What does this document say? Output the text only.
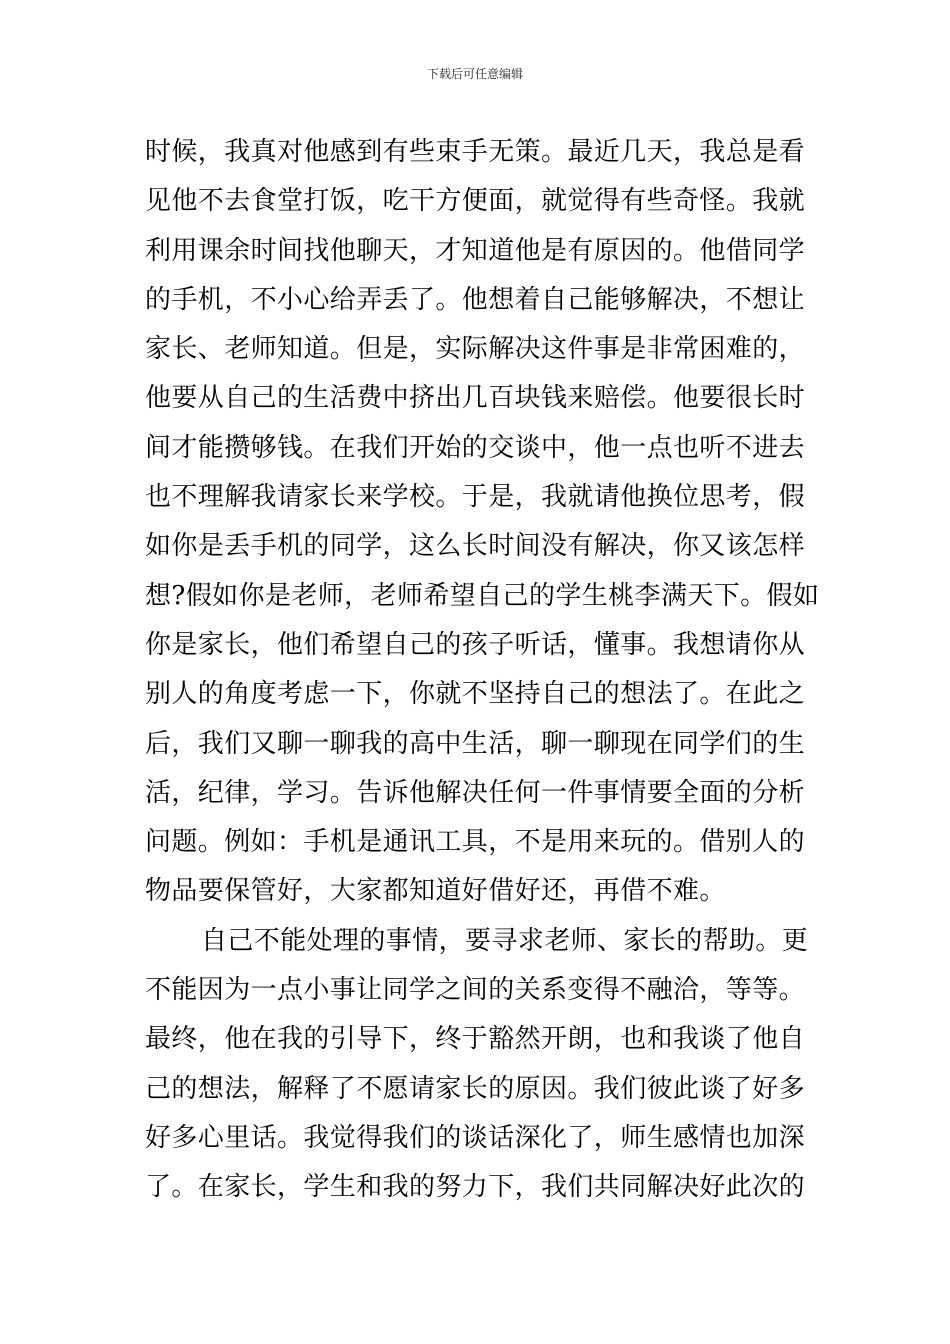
下载后可任意编辑
时候，我真对他感到有些束手无策。最近几天，我总是看
见他不去食堂打饭，吃干方便面，就觉得有些奇怪。我就
利用课余时间找他聊天，才知道他是有原因的。他借同学
的手机，不小心给弄丢了。他想着自己能够解决，不想让
家长、老师知道。但是，实际解决这件事是非常困难的，
他要从自己的生活费中挤出几百块钱来赔偿。他要很长时
间才能攒够钱。在我们开始的交谈中，他一点也听不进去
也不理解我请家长来学校。于是，我就请他换位思考，假
如你是丢手机的同学，这么长时间没有解决，你又该怎样
想?假如你是老师，老师希望自己的学生桃李满天下。假如
你是家长，他们希望自己的孩子听话，懂事。我想请你从
别人的角度考虑一下，你就不坚持自己的想法了。在此之
后，我们又聊一聊我的高中生活，聊一聊现在同学们的生
活，纪律，学习。告诉他解决任何一件事情要全面的分析
问题。例如：手机是通讯工具，不是用来玩的。借别人的
物品要保管好，大家都知道好借好还，再借不难。
自己不能处理的事情，要寻求老师、家长的帮助。更
不能因为一点小事让同学之间的关系变得不融洽，等等。
最终，他在我的引导下，终于豁然开朗，也和我谈了他自
己的想法，解释了不愿请家长的原因。我们彼此谈了好多
好多心里话。我觉得我们的谈话深化了，师生感情也加深
了。在家长，学生和我的努力下，我们共同解决好此次的
